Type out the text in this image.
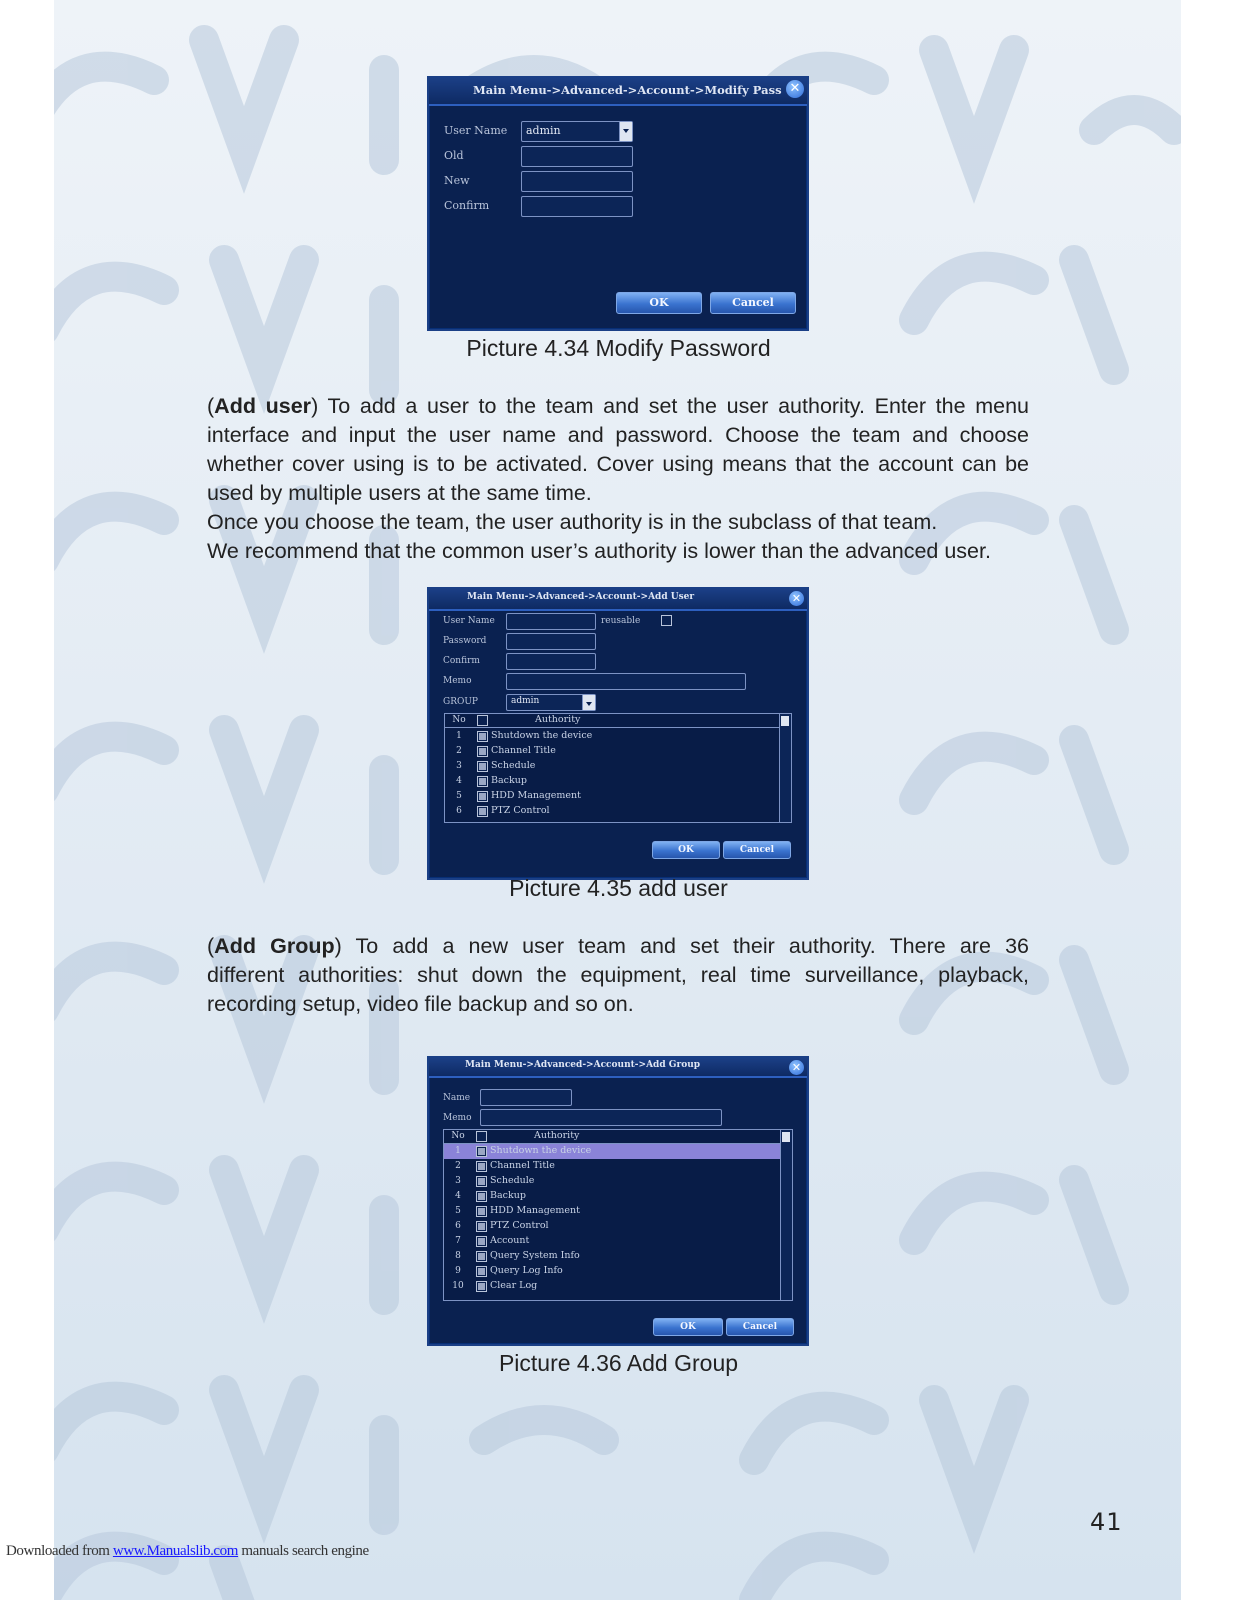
Main Menu->Advanced->Account->Modify Pass ✕
User Name admin
Old
New
Confirm
OK	Cancel
Picture 4.34 Modify Password
(Add user) To add a user to the team and set the user authority. Enter the menu
interface and input the user name and password. Choose the team and choose
whether cover using is to be activated. Cover using means that the account can be
used by multiple users at the same time.
Once you choose the team, the user authority is in the subclass of that team.
We recommend that the common user’s authority is lower than the advanced user.
Main Menu->Advanced->Account->Add User	✕
User Name	reusable
Password
Confirm
Memo
GROUP	admin
No	Authority
1	Shutdown the device
2	Channel Title
3	Schedule
4	Backup
5	HDD Management
6	PTZ Control
OK	Cancel
Picture 4.35 add user
(Add Group) To add a new user team and set their authority. There are 36
different authorities: shut down the equipment, real time surveillance, playback,
recording setup, video file backup and so on.
Main Menu->Advanced->Account->Add Group	✕
Name
Memo
No	Authority
1	Shutdown the device
2	Channel Title
3	Schedule
4	Backup
5	HDD Management
6	PTZ Control
7	Account
8	Query System Info
9	Query Log Info
10	Clear Log
OK	Cancel
Picture 4.36 Add Group
41
Downloaded from www.Manualslib.com manuals search engine
